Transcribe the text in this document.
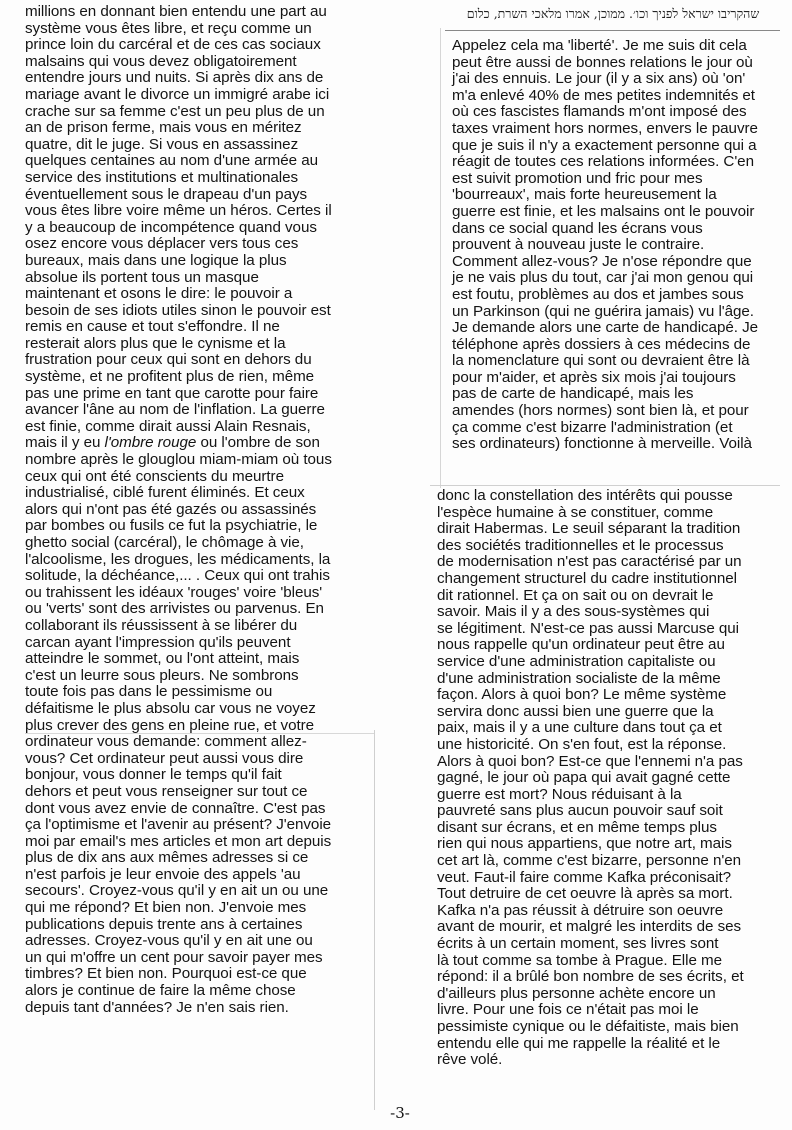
שהקריבו ישראל לפניך וכו׳. ממוכן, אמרו מלאכי השרת, כלום

millions en donnant bien entendu une part au
système vous êtes libre, et reçu comme un
prince loin du carcéral et de ces cas sociaux
malsains qui vous devez obligatoirement
entendre jours und nuits. Si après dix ans de
mariage avant le divorce un immigré arabe ici
crache sur sa femme c'est un peu plus de un
an de prison ferme, mais vous en méritez
quatre, dit le juge. Si vous en assassinez
quelques centaines au nom d'une armée au
service des institutions et multinationales
éventuellement sous le drapeau d'un pays
vous êtes libre voire même un héros. Certes il
y a beaucoup de incompétence quand vous
osez encore vous déplacer vers tous ces
bureaux, mais dans une logique la plus
absolue ils portent tous un masque
maintenant et osons le dire: le pouvoir a
besoin de ses idiots utiles sinon le pouvoir est
remis en cause et tout s'effondre. Il ne
resterait alors plus que le cynisme et la
frustration pour ceux qui sont en dehors du
système, et ne profitent plus de rien, même
pas une prime en tant que carotte pour faire
avancer l'âne au nom de l'inflation. La guerre
est finie, comme dirait aussi Alain Resnais,
mais il y eu l'ombre rouge ou l'ombre de son
nombre après le glouglou miam-miam où tous
ceux qui ont été conscients du meurtre
industrialisé, ciblé furent éliminés. Et ceux
alors qui n'ont pas été gazés ou assassinés
par bombes ou fusils ce fut la psychiatrie, le
ghetto social (carcéral), le chômage à vie,
l'alcoolisme, les drogues, les médicaments, la
solitude, la déchéance,... . Ceux qui ont trahis
ou trahissent les idéaux 'rouges' voire 'bleus'
ou 'verts' sont des arrivistes ou parvenus. En
collaborant ils réussissent à se libérer du
carcan ayant l'impression qu'ils peuvent
atteindre le sommet, ou l'ont atteint, mais
c'est un leurre sous pleurs. Ne sombrons
toute fois pas dans le pessimisme ou
défaitisme le plus absolu car vous ne voyez
plus crever des gens en pleine rue, et votre
ordinateur vous demande: comment allez-
vous? Cet ordinateur peut aussi vous dire
bonjour, vous donner le temps qu'il fait
dehors et peut vous renseigner sur tout ce
dont vous avez envie de connaître. C'est pas
ça l'optimisme et l'avenir au présent? J'envoie
moi par email's mes articles et mon art depuis
plus de dix ans aux mêmes adresses si ce
n'est parfois je leur envoie des appels 'au
secours'. Croyez-vous qu'il y en ait un ou une
qui me répond? Et bien non. J'envoie mes
publications depuis trente ans à certaines
adresses. Croyez-vous qu'il y en ait une ou
un qui m'offre un cent pour savoir payer mes
timbres? Et bien non. Pourquoi est-ce que
alors je continue de faire la même chose
depuis tant d'années? Je n'en sais rien.

Appelez cela ma 'liberté'. Je me suis dit cela
peut être aussi de bonnes relations le jour où
j'ai des ennuis. Le jour (il y a six ans) où 'on'
m'a enlevé 40% de mes petites indemnités et
où ces fascistes flamands m'ont imposé des
taxes vraiment hors normes, envers le pauvre
que je suis il n'y a exactement personne qui a
réagit de toutes ces relations informées. C'en
est suivit promotion und fric pour mes
'bourreaux', mais forte heureusement la
guerre est finie, et les malsains ont le pouvoir
dans ce social quand les écrans vous
prouvent à nouveau juste le contraire.
Comment allez-vous? Je n'ose répondre que
je ne vais plus du tout, car j'ai mon genou qui
est foutu, problèmes au dos et jambes sous
un Parkinson (qui ne guérira jamais) vu l'âge.
Je demande alors une carte de handicapé. Je
téléphone après dossiers à ces médecins de
la nomenclature qui sont ou devraient être là
pour m'aider, et après six mois j'ai toujours
pas de carte de handicapé, mais les
amendes (hors normes) sont bien là, et pour
ça comme c'est bizarre l'administration (et
ses ordinateurs) fonctionne à merveille. Voilà

donc la constellation des intérêts qui pousse
l'espèce humaine à se constituer, comme
dirait Habermas. Le seuil séparant la tradition
des sociétés traditionnelles et le processus
de modernisation n'est pas caractérisé par un
changement structurel du cadre institutionnel
dit rationnel. Et ça on sait ou on devrait le
savoir. Mais il y a des sous-systèmes qui
se légitiment. N'est-ce pas aussi Marcuse qui
nous rappelle qu'un ordinateur peut être au
service d'une administration capitaliste ou
d'une administration socialiste de la même
façon. Alors à quoi bon? Le même système
servira donc aussi bien une guerre que la
paix, mais il y a une culture dans tout ça et
une historicité. On s'en fout, est la réponse.
Alors à quoi bon? Est-ce que l'ennemi n'a pas
gagné, le jour où papa qui avait gagné cette
guerre est mort? Nous réduisant à la
pauvreté sans plus aucun pouvoir sauf soit
disant sur écrans, et en même temps plus
rien qui nous appartiens, que notre art, mais
cet art là, comme c'est bizarre, personne n'en
veut. Faut-il faire comme Kafka préconisait?
Tout detruire de cet oeuvre là après sa mort.
Kafka n'a pas réussit à détruire son oeuvre
avant de mourir, et malgré les interdits de ses
écrits à un certain moment, ses livres sont
là tout comme sa tombe à Prague. Elle me
répond: il a brûlé bon nombre de ses écrits, et
d'ailleurs plus personne achète encore un
livre. Pour une fois ce n'était pas moi le
pessimiste cynique ou le défaitiste, mais bien
entendu elle qui me rappelle la réalité et le
rêve volé.

-3-
